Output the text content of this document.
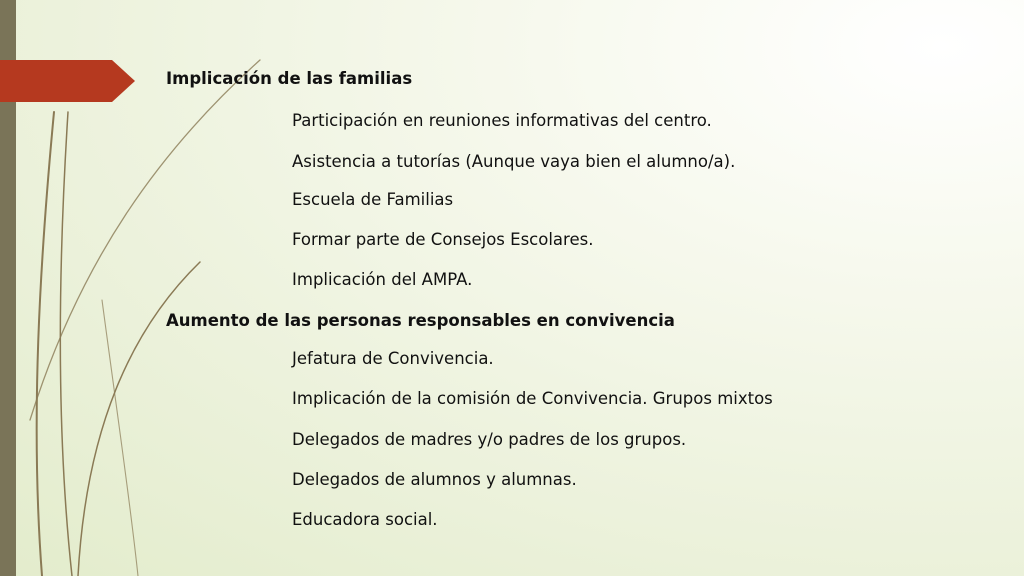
Implicación de las familias
Participación en reuniones informativas del centro.
Asistencia a tutorías (Aunque vaya bien el alumno/a).
Escuela de Familias
Formar parte de Consejos Escolares.
Implicación del AMPA.
Aumento de las personas responsables en convivencia
Jefatura de Convivencia.
Implicación de la comisión de Convivencia. Grupos mixtos
Delegados de madres y/o padres de los grupos.
Delegados de alumnos y alumnas.
Educadora social.
